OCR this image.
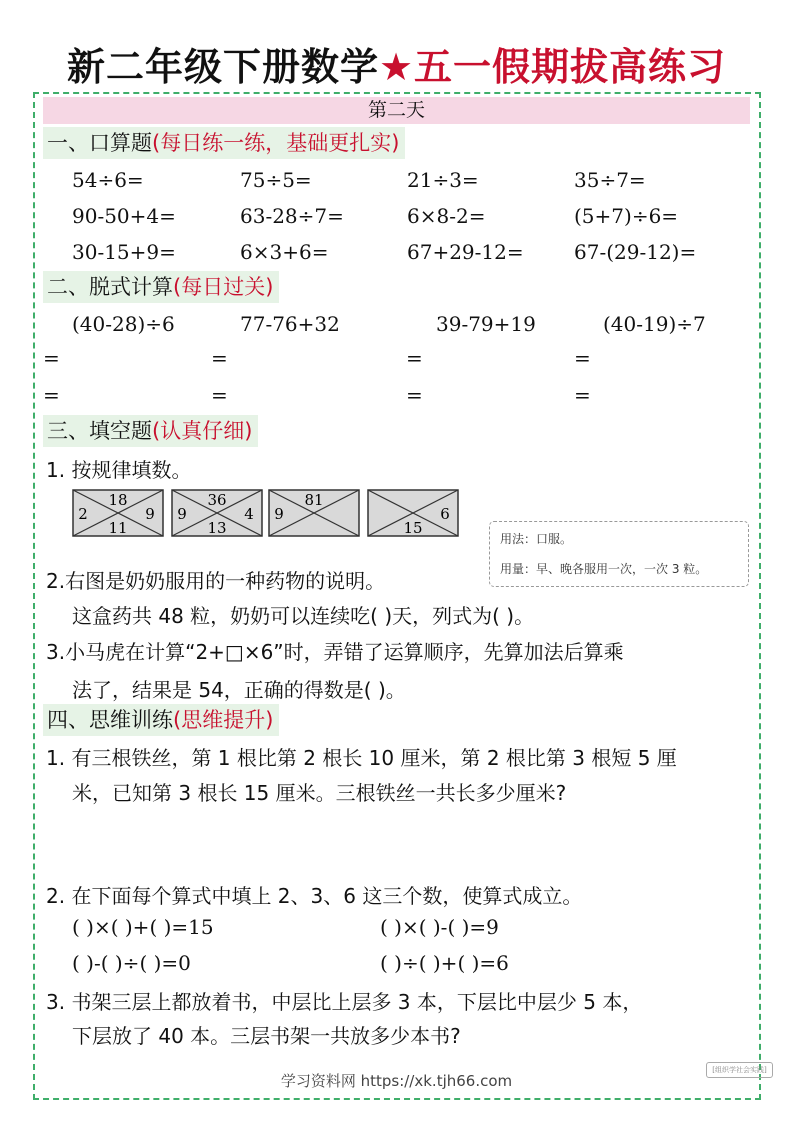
新二年级下册数学★五一假期拔高练习
第二天
一、口算题(每日练一练，基础更扎实)
54÷6=	75÷5=	21÷3=	35÷7=
90-50+4=	63-28÷7=	6×8-2=	(5+7)÷6=
30-15+9=	6×3+6=	67+29-12=	67-(29-12)=
二、脱式计算(每日过关)
(40-28)÷6	77-76+32	39-79+19	(40-19)÷7
=	=	=	=
=	=	=	=
三、填空题(认真仔细)
1. 按规律填数。
18
2	9
11
36
9	4
13
81
9	6
15
用法：口服。
用量：早、晚各服用一次，一次 3 粒。
2.右图是奶奶服用的一种药物的说明。
这盒药共 48 粒，奶奶可以连续吃( )天，列式为( )。
3.小马虎在计算“2+□×6”时，弄错了运算顺序，先算加法后算乘
法了，结果是 54，正确的得数是( )。
四、思维训练(思维提升)
1. 有三根铁丝，第 1 根比第 2 根长 10 厘米，第 2 根比第 3 根短 5 厘
米，已知第 3 根长 15 厘米。三根铁丝一共长多少厘米?
2. 在下面每个算式中填上 2、3、6 这三个数，使算式成立。
( )×( )+( )=15	( )×( )-( )=9
( )-( )÷( )=0	( )÷( )+( )=6
3. 书架三层上都放着书，中层比上层多 3 本，下层比中层少 5 本，
下层放了 40 本。三层书架一共放多少本书?
[组织学社会实践]
学习资料网 https://xk.tjh66.com
